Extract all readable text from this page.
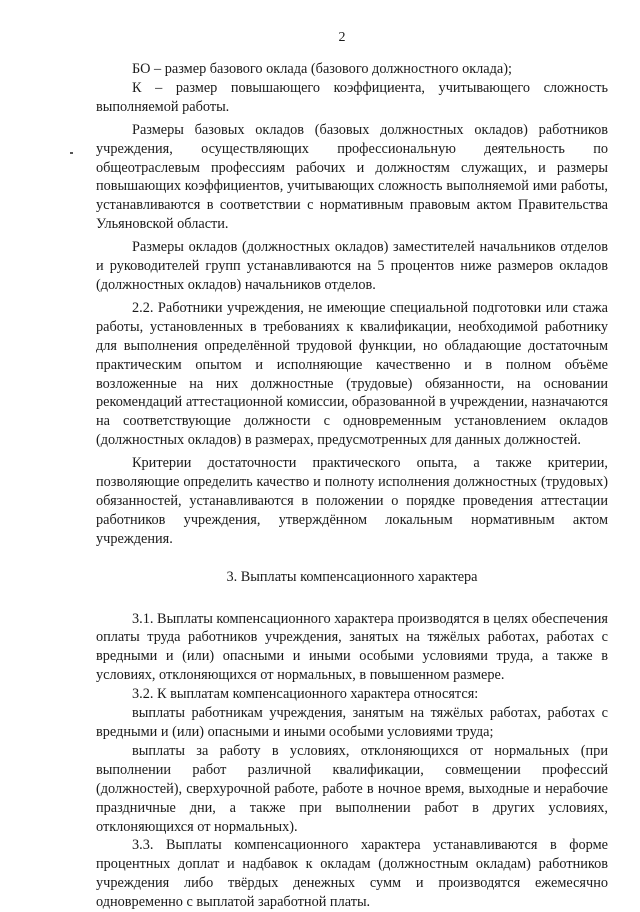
2

БО – размер базового оклада (базового должностного оклада);

К – размер повышающего коэффициента, учитывающего сложность выполняемой работы.

Размеры базовых окладов (базовых должностных окладов) работников учреждения, осуществляющих профессиональную деятельность по общеотраслевым профессиям рабочих и должностям служащих, и размеры повышающих коэффициентов, учитывающих сложность выполняемой ими работы, устанавливаются в соответствии с нормативным правовым актом Правительства Ульяновской области.

Размеры окладов (должностных окладов) заместителей начальников отделов и руководителей групп устанавливаются на 5 процентов ниже размеров окладов (должностных окладов) начальников отделов.

2.2. Работники учреждения, не имеющие специальной подготовки или стажа работы, установленных в требованиях к квалификации, необходимой работнику для выполнения определённой трудовой функции, но обладающие достаточным практическим опытом и исполняющие качественно и в полном объёме возложенные на них должностные (трудовые) обязанности, на основании рекомендаций аттестационной комиссии, образованной в учреждении, назначаются на соответствующие должности с одновременным установлением окладов (должностных окладов) в размерах, предусмотренных для данных должностей.

Критерии достаточности практического опыта, а также критерии, позволяющие определить качество и полноту исполнения должностных (трудовых) обязанностей, устанавливаются в положении о порядке проведения аттестации работников учреждения, утверждённом локальным нормативным актом учреждения.

3. Выплаты компенсационного характера

3.1. Выплаты компенсационного характера производятся в целях обеспечения оплаты труда работников учреждения, занятых на тяжёлых работах, работах с вредными и (или) опасными и иными особыми условиями труда, а также в условиях, отклоняющихся от нормальных, в повышенном размере.

3.2. К выплатам компенсационного характера относятся:

выплаты работникам учреждения, занятым на тяжёлых работах, работах с вредными и (или) опасными и иными особыми условиями труда;

выплаты за работу в условиях, отклоняющихся от нормальных (при выполнении работ различной квалификации, совмещении профессий (должностей), сверхурочной работе, работе в ночное время, выходные и нерабочие праздничные дни, а также при выполнении работ в других условиях, отклоняющихся от нормальных).

3.3. Выплаты компенсационного характера устанавливаются в форме процентных доплат и надбавок к окладам (должностным окладам) работников учреждения либо твёрдых денежных сумм и производятся ежемесячно одновременно с выплатой заработной платы.
